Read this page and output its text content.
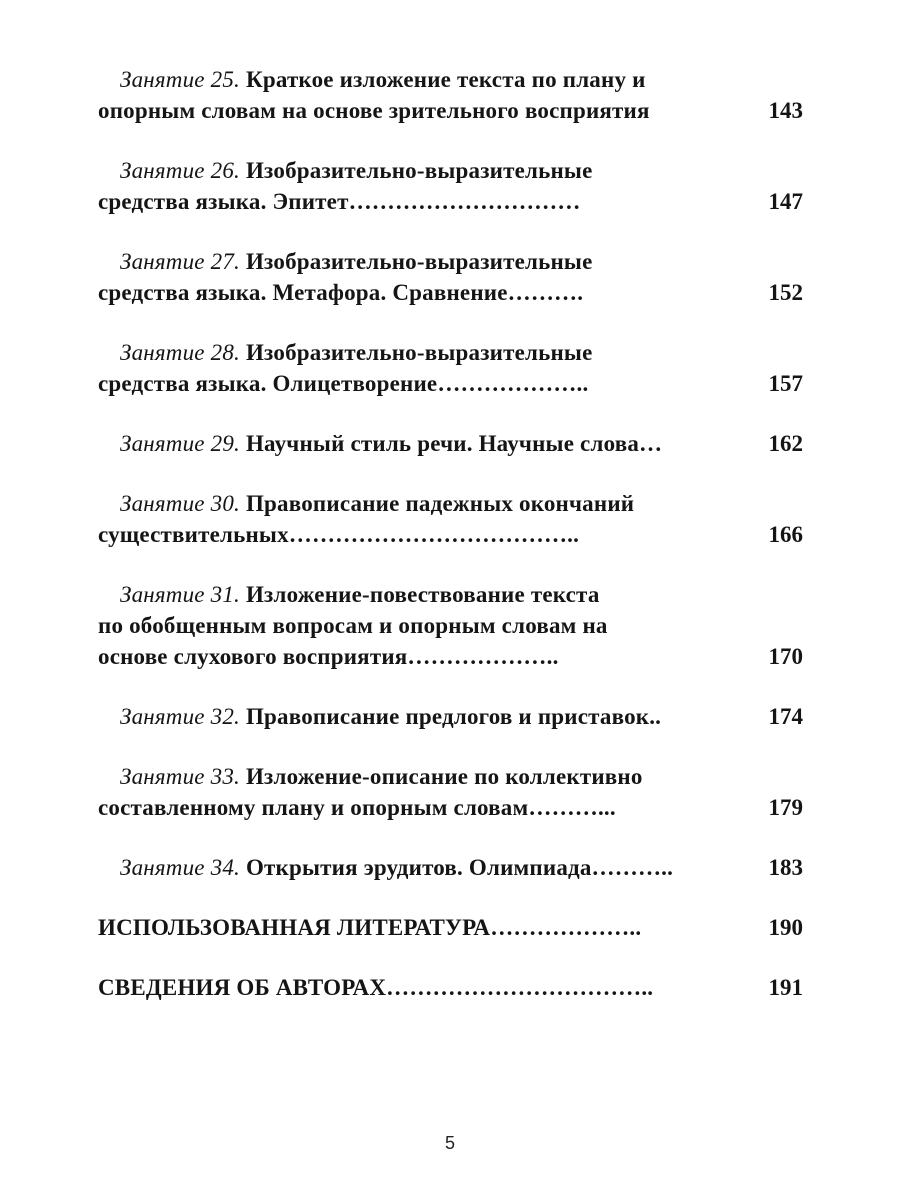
Занятие 25. Краткое изложение текста по плану и
опорным словам на основе зрительного восприятия	143
Занятие 26. Изобразительно-выразительные
средства языка. Эпитет…………………………	147
Занятие 27. Изобразительно-выразительные
средства языка. Метафора. Сравнение……….	152
Занятие 28. Изобразительно-выразительные
средства языка. Олицетворение………………..	157
Занятие 29. Научный стиль речи. Научные слова…	162
Занятие 30. Правописание падежных окончаний
существительных………………………………..	166
Занятие 31. Изложение-повествование текста
по обобщенным вопросам и опорным словам на
основе слухового восприятия………………..	170
Занятие 32. Правописание предлогов и приставок..	174
Занятие 33. Изложение-описание по коллективно
составленному плану и опорным словам………...	179
Занятие 34. Открытия эрудитов. Олимпиада………..	183
ИСПОЛЬЗОВАННАЯ ЛИТЕРАТУРА………………..	190
СВЕДЕНИЯ ОБ АВТОРАХ……………………………..	191
5
